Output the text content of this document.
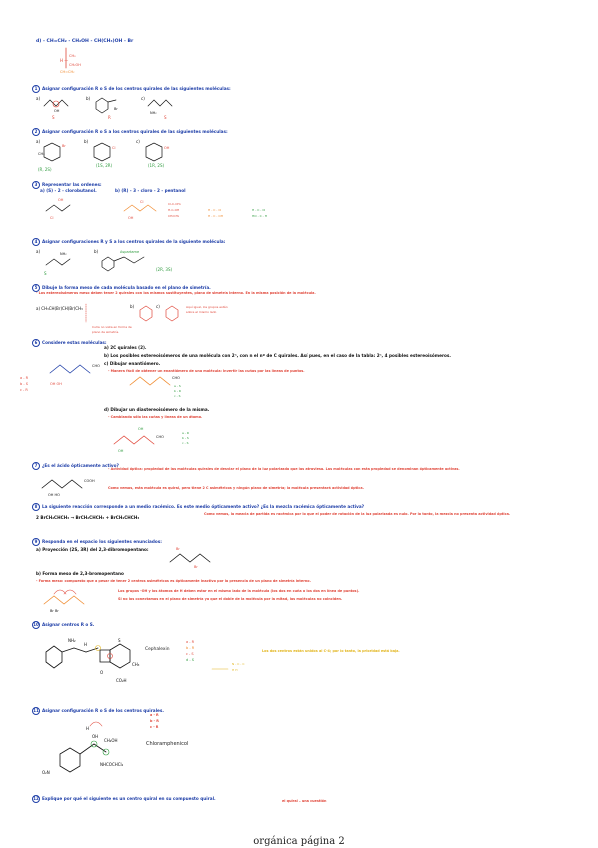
d) - CH=CH₂ - CH₂OH - CH(CH₃)OH - Br
H —
CH₃
CH₂OH
CH=CH₂
1 Asignar configuración R o S de los centros quirales de las siguientes moléculas:
a)
OH
S
b)
Br
R
c)
NH₂
S
2 Asignar configuración R o S a los centros quirales de las siguientes moléculas:
a)
Br
CH₃
(R, 2S)
b)
Cl
(1S, 2R)
c)
OH
(1R, 2S)
3 Representar las ordenes:
a) (S) - 2 - clorobutanol.	b) (R) - 3 - cloro - 2 - pentanol
Cl
OH
OH
Cl	Cl-C-CH₃
H-C-OH
CH₂CH₃
H - C - Cl
H - C - OH
H - C - Cl
HO - C - H
4 Asignar configuraciones R y S a los centros quirales de la siguiente molécula:
a)	NH₂
S
b)	Aspartame
(2R, 3S)
5 Dibuje la forma meso de cada molécula basado en el plano de simetría.
- Los estereoisómeros meso deben tener 2 quirales con los mismos sustituyentes, plano de simetría interno. En la misma posición de la molécula.
a) CH₃CH(Br)CH(Br)CH₃	b)	c)	Aquí igual, los grupos están
sobre el mismo lado
Cuña no vista en forma de
plano de simetría.
6 Considere estas moléculas:
a) 2C quirales (2).
b) Los posibles estereoisómeros de una molécula con 2ⁿ, con n el nº de C quirales. Así pues, en el caso de la tabla: 2ⁿ, 4 posibles estereoisómeros.
c) Dibujar enantiómero.
- Manera fácil de obtener un enantiómero de una molécula: invertir las cuñas por las líneas de puntos.
a - R
b - S
c - R
CHO
OH OH
CHO
a - S
b - R
c - S
d) Dibujar un diastereoisómero de la misma.
- Cambiando sólo las cuñas y líneas de un átomo.
CHO
OH
OH
a - R
b - S
c - S
7 ¿Es el ácido ópticamente activo?
- Actividad óptica: propiedad de las moléculas quirales de desviar el plano de la luz polarizada que las atraviesa. Las moléculas con esta propiedad se denominan ópticamente activas.
Como vemos, esta molécula es quiral, pero tiene 2 C asimétricos y ningún plano de simetría; la molécula presentará actividad óptica.
COOH
OH HO
8 La siguiente reacción corresponde a un medio racémico. Es este medio ópticamente activo? ¿Es la mezcla racémica ópticamente activa?
2 BrCH₂CHCH₃ → BrCH₂CHCH₃ + BrCH₂CHCH₃
Como vemos, la mezcla de partida es racémica por lo que el poder de rotación de la luz polarizada es nulo. Por lo tanto, la mezcla no presenta actividad óptica.
9 Responda en el espacio los siguientes enunciados:
a) Proyección (2S, 3R) del 2,3-dibromopentano:	Br
Br
b) Forma meso de 2,3-bromopentano
- Forma meso: compuesto que a pesar de tener 2 centros asimétricos es ópticamente inactivo por la presencia de un plano de simetría interno.
Br Br
Los grupos -OH y los átomos de H deben estar en el mismo lado de la molécula (los dos en cuña o los dos en línea de puntos).
Si no los conectamos en el plano de simetría ya que el doble de la molécula por la mitad, las moléculas no coinciden.
10 Asignar centros R o S.
NH₂
H
S
O
CH₃
CO₂H
Cephalexin
a - R
b - R
c - S
d - S
N - C - C
H H
Los dos centros están unidos al C-4; por lo tanto, la prioridad está baja.
11 Asignar configuración R o S de los centros quirales.
O₂N
H
OH
CH₂OH
NHCOCHCl₂
Chloramphenicol
a - R
b - R
c - R
12 Explique por qué el siguiente es un centro quiral en su compuesto quiral.	el quiral – una cuestión
orgánica página 2
